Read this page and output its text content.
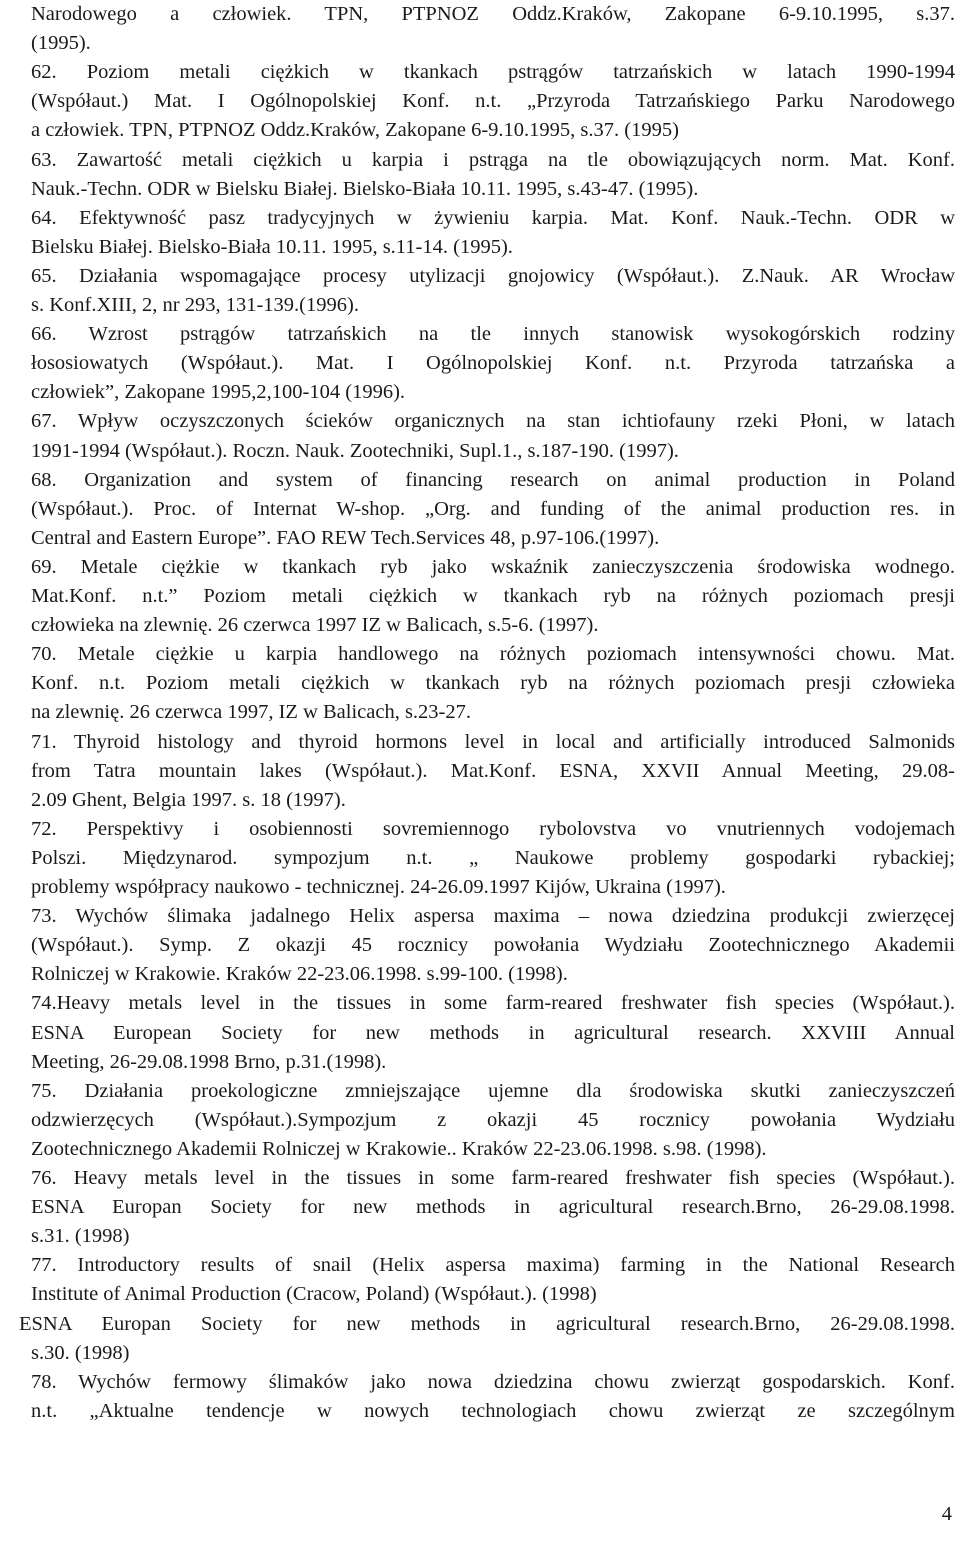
Narodowego a człowiek. TPN, PTPNOZ Oddz.Kraków, Zakopane 6-9.10.1995, s.37.
(1995).
62. Poziom metali ciężkich w tkankach pstrągów tatrzańskich w latach 1990-1994
(Współaut.) Mat. I Ogólnopolskiej Konf. n.t. „Przyroda Tatrzańskiego Parku Narodowego
a człowiek. TPN, PTPNOZ Oddz.Kraków, Zakopane 6-9.10.1995, s.37. (1995)
63. Zawartość metali ciężkich u karpia i pstrąga na tle obowiązujących norm. Mat. Konf.
Nauk.-Techn. ODR w Bielsku Białej. Bielsko-Biała 10.11. 1995, s.43-47. (1995).
64. Efektywność pasz tradycyjnych w żywieniu karpia. Mat. Konf. Nauk.-Techn. ODR w
Bielsku Białej. Bielsko-Biała 10.11. 1995, s.11-14. (1995).
65. Działania wspomagające procesy utylizacji gnojowicy (Współaut.). Z.Nauk. AR Wrocław
s. Konf.XIII, 2, nr 293, 131-139.(1996).
66. Wzrost pstrągów tatrzańskich na tle innych stanowisk wysokogórskich rodziny
łososiowatych (Współaut.). Mat. I Ogólnopolskiej Konf. n.t. Przyroda tatrzańska a
człowiek”, Zakopane 1995,2,100-104 (1996).
67. Wpływ oczyszczonych ścieków organicznych na stan ichtiofauny rzeki Płoni, w latach
1991-1994 (Współaut.). Roczn. Nauk. Zootechniki, Supl.1., s.187-190. (1997).
68. Organization and system of financing research on animal production in Poland
(Współaut.). Proc. of Internat W-shop. „Org. and funding of the animal production res. in
Central and Eastern Europe”. FAO REW Tech.Services 48, p.97-106.(1997).
69. Metale ciężkie w tkankach ryb jako wskaźnik zanieczyszczenia środowiska wodnego.
Mat.Konf. n.t.” Poziom metali ciężkich w tkankach ryb na różnych poziomach presji
człowieka na zlewnię. 26 czerwca 1997 IZ w Balicach, s.5-6. (1997).
70. Metale ciężkie u karpia handlowego na różnych poziomach intensywności chowu. Mat.
Konf. n.t. Poziom metali ciężkich w tkankach ryb na różnych poziomach presji człowieka
na zlewnię. 26 czerwca 1997, IZ w Balicach, s.23-27.
71. Thyroid histology and thyroid hormons level in local and artificially introduced Salmonids
from Tatra mountain lakes (Współaut.). Mat.Konf. ESNA, XXVII Annual Meeting, 29.08-
2.09 Ghent, Belgia 1997. s. 18 (1997).
72. Perspektivy i osobiennosti sovremiennogo rybolovstva vo vnutriennych vodojemach
Polszi. Międzynarod. sympozjum n.t. „ Naukowe problemy gospodarki rybackiej;
problemy współpracy naukowo - technicznej. 24-26.09.1997 Kijów, Ukraina (1997).
73. Wychów ślimaka jadalnego Helix aspersa maxima – nowa dziedzina produkcji zwierzęcej
(Współaut.). Symp. Z okazji 45 rocznicy powołania Wydziału Zootechnicznego Akademii
Rolniczej w Krakowie. Kraków 22-23.06.1998. s.99-100. (1998).
74.Heavy metals level in the tissues in some farm-reared freshwater fish species (Współaut.).
ESNA European Society for new methods in agricultural research. XXVIII Annual
Meeting, 26-29.08.1998 Brno, p.31.(1998).
75. Działania proekologiczne zmniejszające ujemne dla środowiska skutki zanieczyszczeń
odzwierzęcych (Współaut.).Sympozjum z okazji 45 rocznicy powołania Wydziału
Zootechnicznego Akademii Rolniczej w Krakowie.. Kraków 22-23.06.1998. s.98. (1998).
76. Heavy metals level in the tissues in some farm-reared freshwater fish species (Współaut.).
ESNA Europan Society for new methods in agricultural research.Brno, 26-29.08.1998.
s.31. (1998)
77. Introductory results of snail (Helix aspersa maxima) farming in the National Research
Institute of Animal Production (Cracow, Poland) (Współaut.). (1998)
ESNA Europan Society for new methods in agricultural research.Brno, 26-29.08.1998.
s.30. (1998)
78. Wychów fermowy ślimaków jako nowa dziedzina chowu zwierząt gospodarskich. Konf.
n.t. „Aktualne tendencje w nowych technologiach chowu zwierząt ze szczególnym
4
